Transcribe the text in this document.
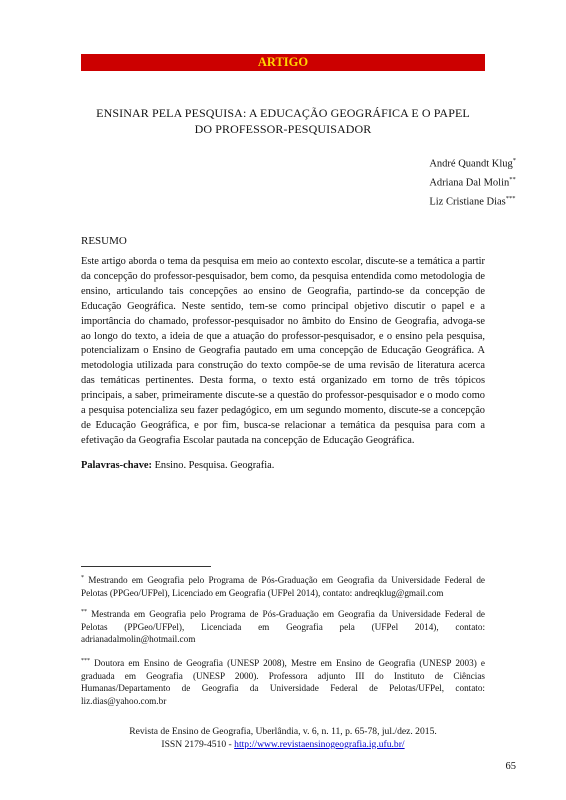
ARTIGO
ENSINAR PELA PESQUISA: A EDUCAÇÃO GEOGRÁFICA E O PAPEL
DO PROFESSOR-PESQUISADOR
André Quandt Klug*
Adriana Dal Molin**
Liz Cristiane Dias***
RESUMO
Este artigo aborda o tema da pesquisa em meio ao contexto escolar, discute-se a temática a partir da concepção do professor-pesquisador, bem como, da pesquisa entendida como metodologia de ensino, articulando tais concepções ao ensino de Geografia, partindo-se da concepção de Educação Geográfica. Neste sentido, tem-se como principal objetivo discutir o papel e a importância do chamado, professor-pesquisador no âmbito do Ensino de Geografia, advoga-se ao longo do texto, a ideia de que a atuação do professor-pesquisador, e o ensino pela pesquisa, potencializam o Ensino de Geografia pautado em uma concepção de Educação Geográfica. A metodologia utilizada para construção do texto compõe-se de uma revisão de literatura acerca das temáticas pertinentes. Desta forma, o texto está organizado em torno de três tópicos principais, a saber, primeiramente discute-se a questão do professor-pesquisador e o modo como a pesquisa potencializa seu fazer pedagógico, em um segundo momento, discute-se a concepção de Educação Geográfica, e por fim, busca-se relacionar a temática da pesquisa para com a efetivação da Geografia Escolar pautada na concepção de Educação Geográfica.
Palavras-chave: Ensino. Pesquisa. Geografia.
* Mestrando em Geografia pelo Programa de Pós-Graduação em Geografia da Universidade Federal de Pelotas (PPGeo/UFPel), Licenciado em Geografia (UFPel 2014), contato: andreqklug@gmail.com
** Mestranda em Geografia pelo Programa de Pós-Graduação em Geografia da Universidade Federal de Pelotas (PPGeo/UFPel), Licenciada em Geografia pela (UFPel 2014), contato: adrianadalmolin@hotmail.com
*** Doutora em Ensino de Geografia (UNESP 2008), Mestre em Ensino de Geografia (UNESP 2003) e graduada em Geografia (UNESP 2000). Professora adjunto III do Instituto de Ciências Humanas/Departamento de Geografia da Universidade Federal de Pelotas/UFPel, contato: liz.dias@yahoo.com.br
Revista de Ensino de Geografia, Uberlândia, v. 6, n. 11, p. 65-78, jul./dez. 2015.
ISSN 2179-4510 - http://www.revistaensinogeografia.ig.ufu.br/
65
